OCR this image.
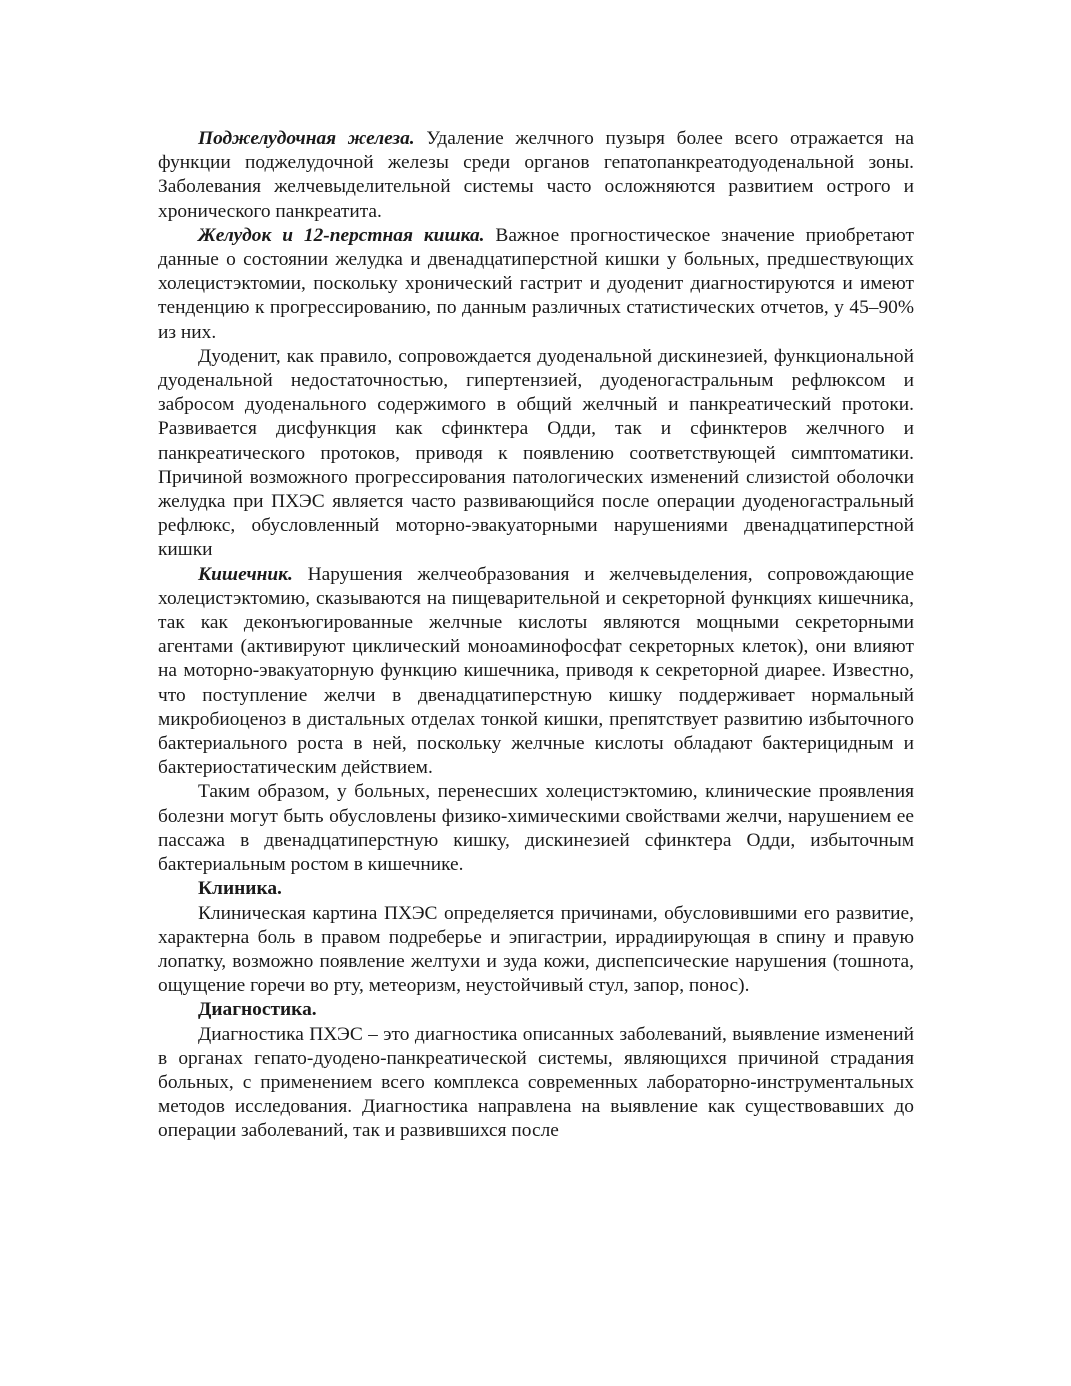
Поджелудочная железа. Удаление желчного пузыря более всего отражается на функции поджелудочной железы среди органов гепатопанкреатодуоденальной зоны. Заболевания желчевыделительной системы часто осложняются развитием острого и хронического панкреатита.

Желудок и 12-перстная кишка. Важное прогностическое значение приобретают данные о состоянии желудка и двенадцатиперстной кишки у больных, предшествующих холецистэктомии, поскольку хронический гастрит и дуоденит диагностируются и имеют тенденцию к прогрессированию, по данным различных статистических отчетов, у 45–90% из них.

Дуоденит, как правило, сопровождается дуоденальной дискинезией, функциональной дуоденальной недостаточностью, гипертензией, дуоденогастральным рефлюксом и забросом дуоденального содержимого в общий желчный и панкреатический протоки. Развивается дисфункция как сфинктера Одди, так и сфинктеров желчного и панкреатического протоков, приводя к появлению соответствующей симптоматики. Причиной возможного прогрессирования патологических изменений слизистой оболочки желудка при ПХЭС является часто развивающийся после операции дуоденогастральный рефлюкс, обусловленный моторно-эвакуаторными нарушениями двенадцатиперстной кишки

Кишечник. Нарушения желчеобразования и желчевыделения, сопровождающие холецистэктомию, сказываются на пищеварительной и секреторной функциях кишечника, так как деконъюгированные желчные кислоты являются мощными секреторными агентами (активируют циклический моноаминофосфат секреторных клеток), они влияют на моторно-эвакуаторную функцию кишечника, приводя к секреторной диарее. Известно, что поступление желчи в двенадцатиперстную кишку поддерживает нормальный микробиоценоз в дистальных отделах тонкой кишки, препятствует развитию избыточного бактериального роста в ней, поскольку желчные кислоты обладают бактерицидным и бактериостатическим действием.

Таким образом, у больных, перенесших холецистэктомию, клинические проявления болезни могут быть обусловлены физико-химическими свойствами желчи, нарушением ее пассажа в двенадцатиперстную кишку, дискинезией сфинктера Одди, избыточным бактериальным ростом в кишечнике.

Клиника.

Клиническая картина ПХЭС определяется причинами, обусловившими его развитие, характерна боль в правом подреберье и эпигастрии, иррадиирующая в спину и правую лопатку, возможно появление желтухи и зуда кожи, диспепсические нарушения (тошнота, ощущение горечи во рту, метеоризм, неустойчивый стул, запор, понос).

Диагностика.

Диагностика ПХЭС – это диагностика описанных заболеваний, выявление изменений в органах гепато-дуодено-панкреатической системы, являющихся причиной страдания больных, с применением всего комплекса современных лабораторно-инструментальных методов исследования. Диагностика направлена на выявление как существовавших до операции заболеваний, так и развившихся после
